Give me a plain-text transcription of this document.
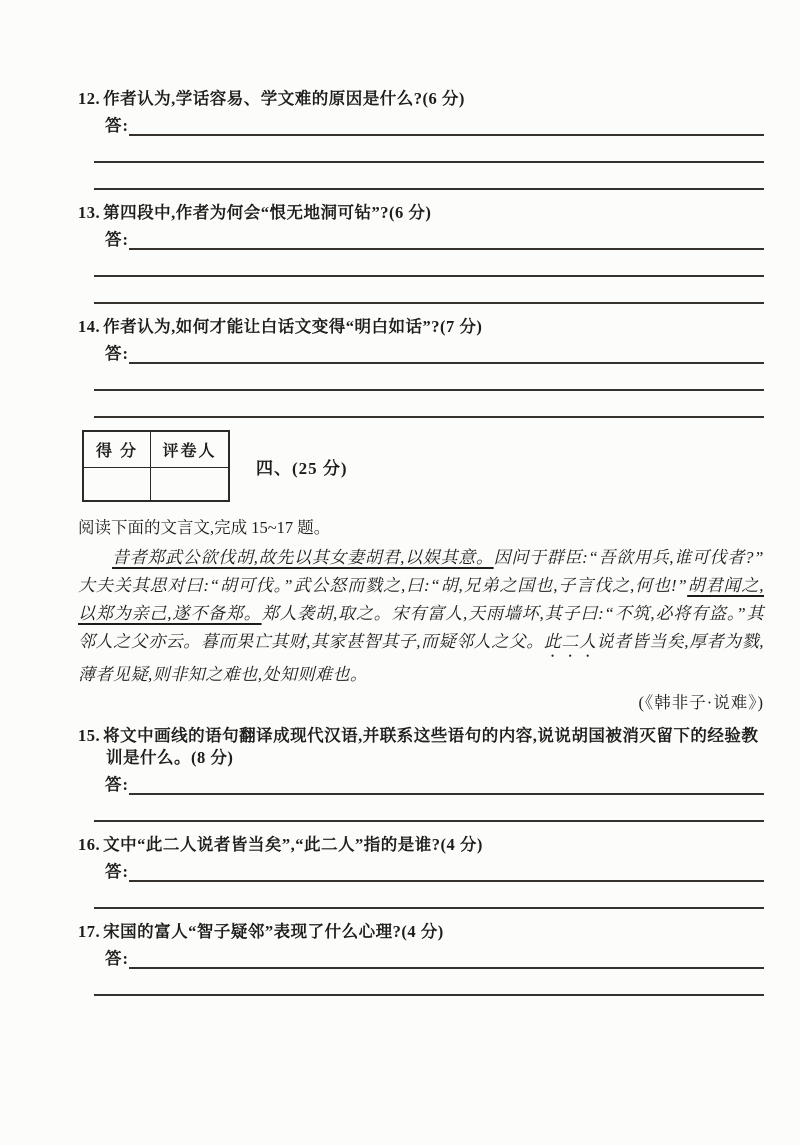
12. 作者认为,学话容易、学文难的原因是什么?(6 分)
答:
13. 第四段中,作者为何会“恨无地洞可钻”?(6 分)
答:
14. 作者认为,如何才能让白话文变得“明白如话”?(7 分)
答:
得 分	评卷人

四、(25 分)

阅读下面的文言文,完成 15~17 题。

昔者郑武公欲伐胡,故先以其女妻胡君,以娱其意。因问于群臣:“吾欲用兵,谁可伐者?”大夫关其思对曰:“胡可伐。”武公怒而戮之,曰:“胡,兄弟之国也,子言伐之,何也!”胡君闻之,以郑为亲己,遂不备郑。郑人袭胡,取之。宋有富人,天雨墙坏,其子曰:“不筑,必将有盗。”其邻人之父亦云。暮而果亡其财,其家甚智其子,而疑邻人之父。此二人说者皆当矣,厚者为戮,薄者见疑,则非知之难也,处知则难也。

(《韩非子·说难》)
15. 将文中画线的语句翻译成现代汉语,并联系这些语句的内容,说说胡国被消灭留下的经验教训是什么。(8 分)
答:
16. 文中“此二人说者皆当矣”,“此二人”指的是谁?(4 分)
答:
17. 宋国的富人“智子疑邻”表现了什么心理?(4 分)
答:
